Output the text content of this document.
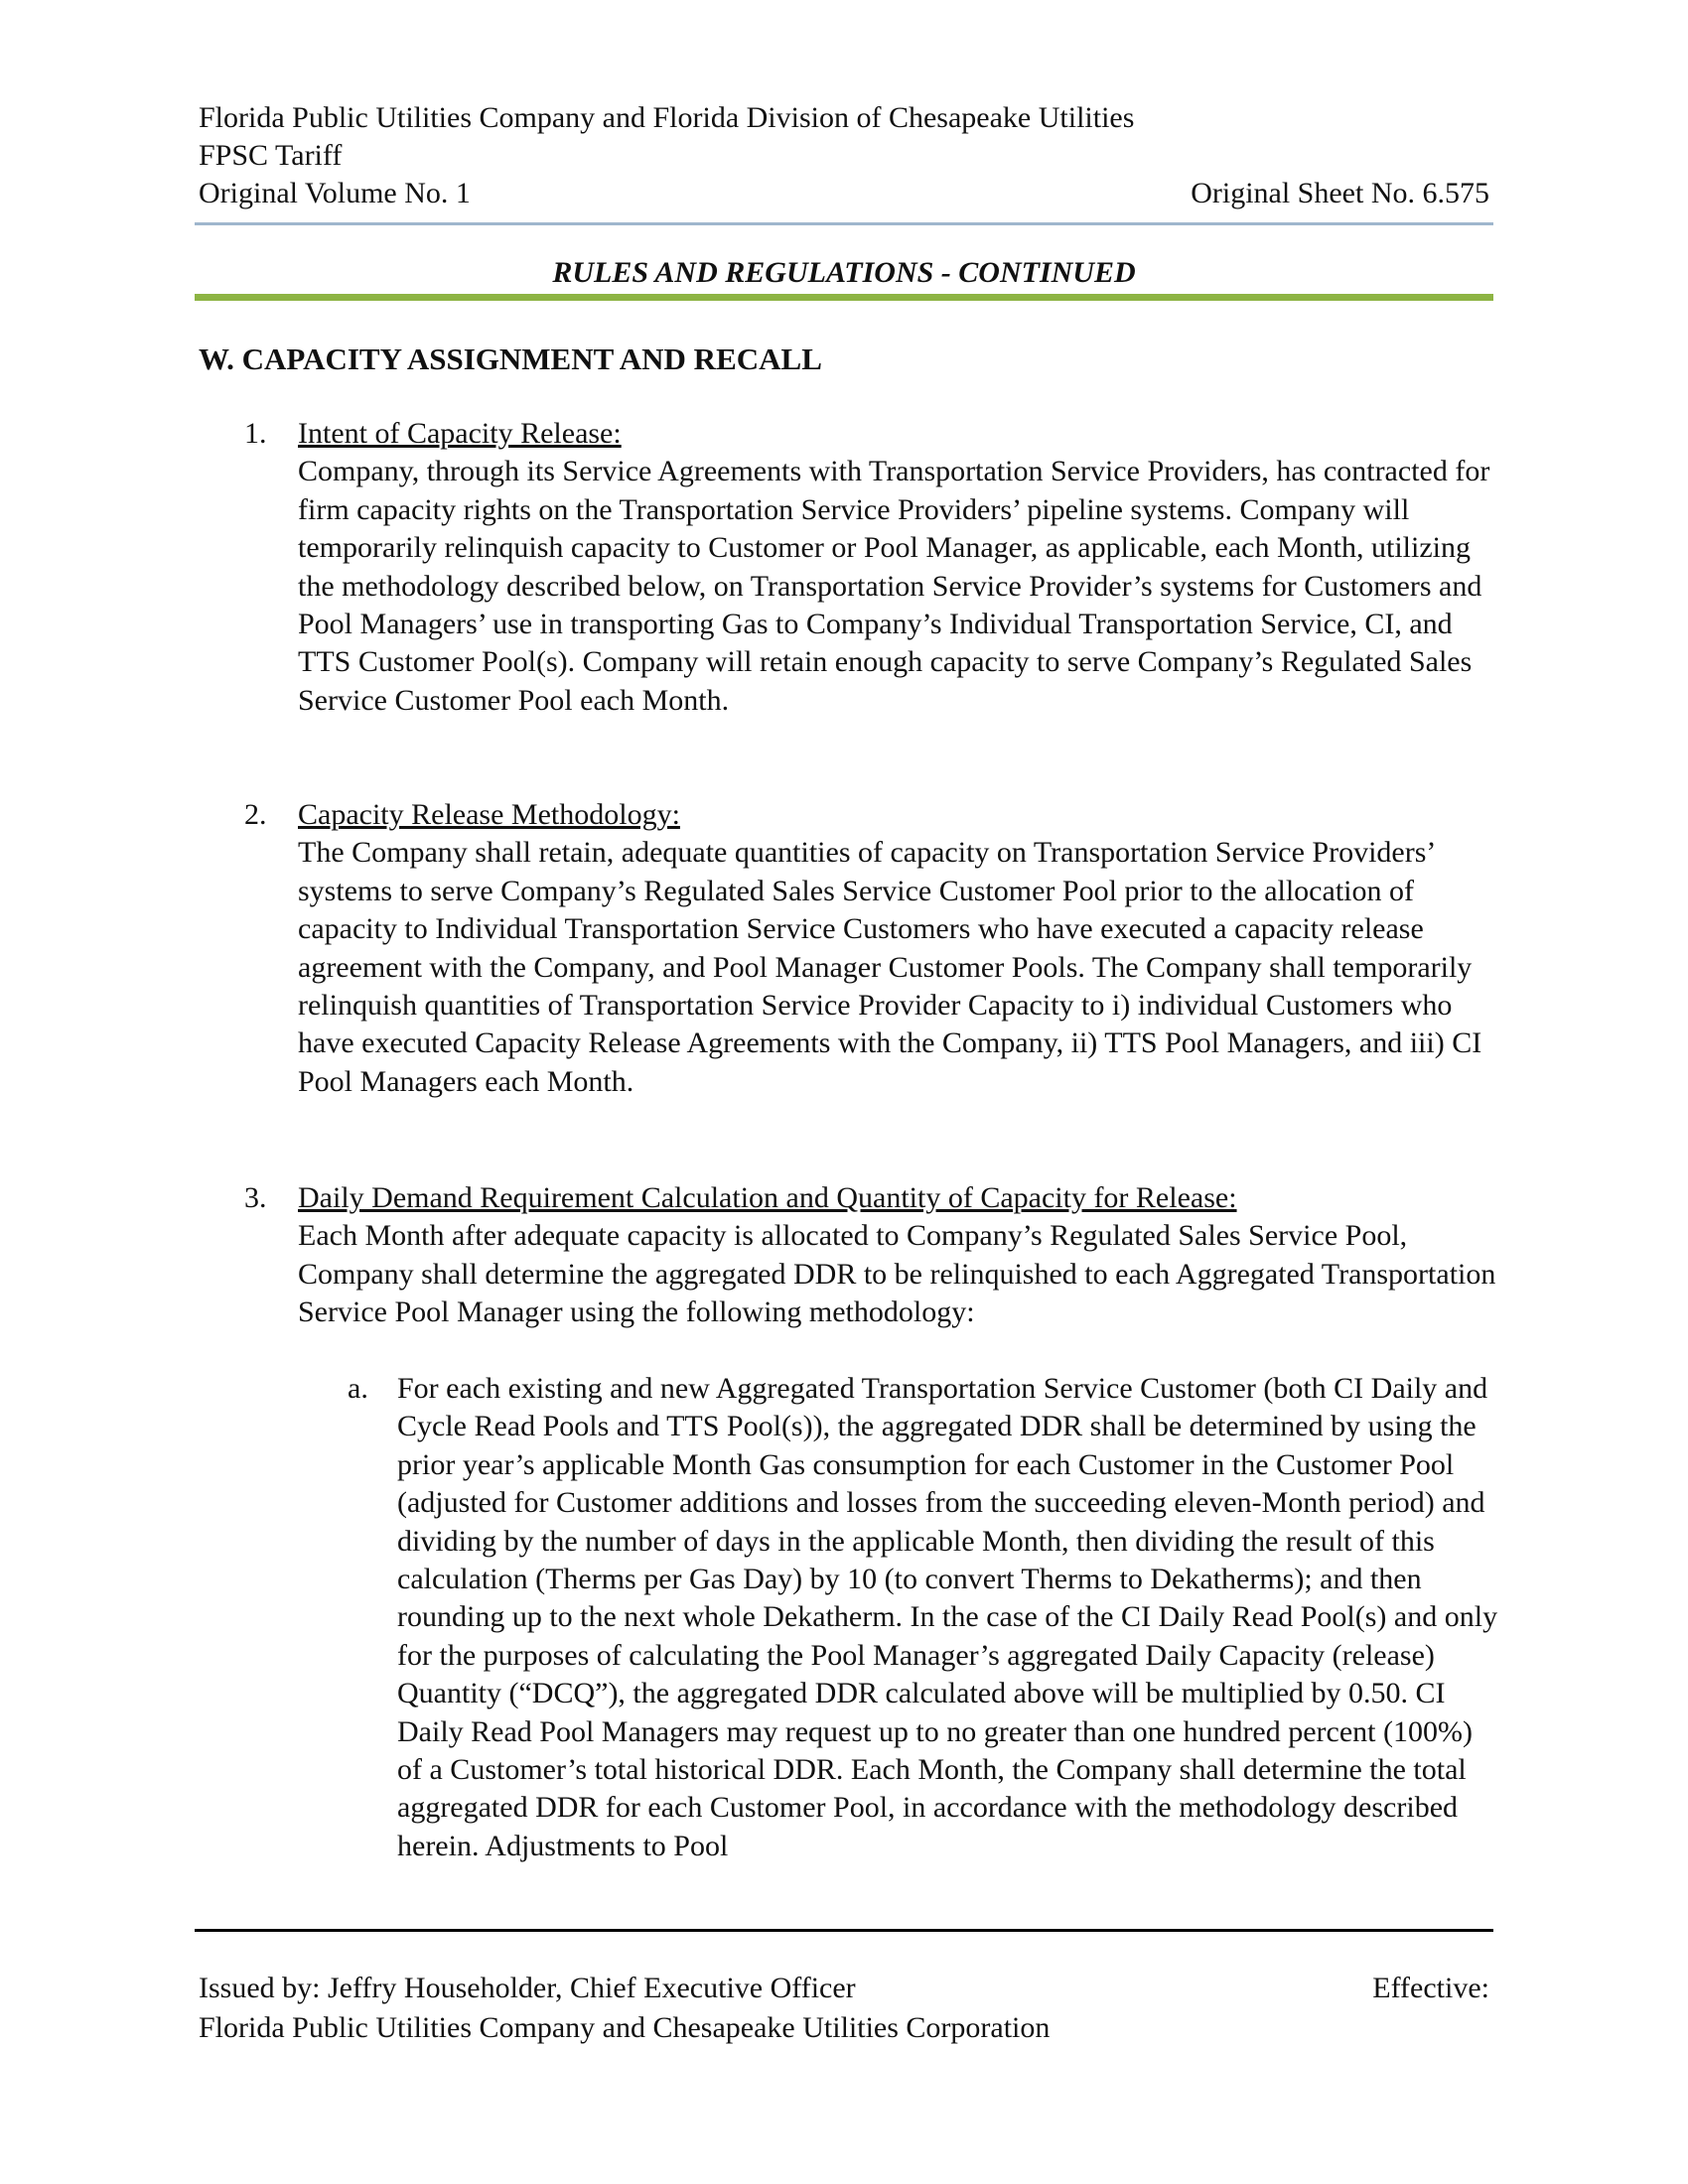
Florida Public Utilities Company and Florida Division of Chesapeake Utilities
FPSC Tariff
Original Volume No. 1	Original Sheet No. 6.575
RULES AND REGULATIONS - CONTINUED
W. CAPACITY ASSIGNMENT AND RECALL
1. Intent of Capacity Release:
Company, through its Service Agreements with Transportation Service Providers, has contracted for firm capacity rights on the Transportation Service Providers’ pipeline systems. Company will temporarily relinquish capacity to Customer or Pool Manager, as applicable, each Month, utilizing the methodology described below, on Transportation Service Provider’s systems for Customers and Pool Managers’ use in transporting Gas to Company’s Individual Transportation Service, CI, and TTS Customer Pool(s). Company will retain enough capacity to serve Company’s Regulated Sales Service Customer Pool each Month.
2. Capacity Release Methodology:
The Company shall retain, adequate quantities of capacity on Transportation Service Providers’ systems to serve Company’s Regulated Sales Service Customer Pool prior to the allocation of capacity to Individual Transportation Service Customers who have executed a capacity release agreement with the Company, and Pool Manager Customer Pools. The Company shall temporarily relinquish quantities of Transportation Service Provider Capacity to i) individual Customers who have executed Capacity Release Agreements with the Company, ii) TTS Pool Managers, and iii) CI Pool Managers each Month.
3. Daily Demand Requirement Calculation and Quantity of Capacity for Release:
Each Month after adequate capacity is allocated to Company’s Regulated Sales Service Pool, Company shall determine the aggregated DDR to be relinquished to each Aggregated Transportation Service Pool Manager using the following methodology:
a. For each existing and new Aggregated Transportation Service Customer (both CI Daily and Cycle Read Pools and TTS Pool(s)), the aggregated DDR shall be determined by using the prior year’s applicable Month Gas consumption for each Customer in the Customer Pool (adjusted for Customer additions and losses from the succeeding eleven-Month period) and dividing by the number of days in the applicable Month, then dividing the result of this calculation (Therms per Gas Day) by 10 (to convert Therms to Dekatherms); and then rounding up to the next whole Dekatherm. In the case of the CI Daily Read Pool(s) and only for the purposes of calculating the Pool Manager’s aggregated Daily Capacity (release) Quantity (“DCQ”), the aggregated DDR calculated above will be multiplied by 0.50. CI Daily Read Pool Managers may request up to no greater than one hundred percent (100%) of a Customer’s total historical DDR. Each Month, the Company shall determine the total aggregated DDR for each Customer Pool, in accordance with the methodology described herein. Adjustments to Pool
Issued by: Jeffry Householder, Chief Executive Officer	Effective:
Florida Public Utilities Company and Chesapeake Utilities Corporation
